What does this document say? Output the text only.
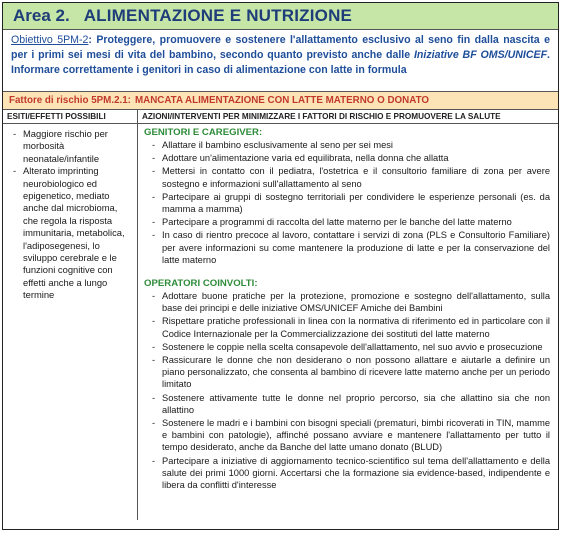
Area 2. ALIMENTAZIONE E NUTRIZIONE
Obiettivo 5PM-2: Proteggere, promuovere e sostenere l'allattamento esclusivo al seno fin dalla nascita e per i primi sei mesi di vita del bambino, secondo quanto previsto anche dalle Iniziative BF OMS/UNICEF. Informare correttamente i genitori in caso di alimentazione con latte in formula
Fattore di rischio 5PM.2.1: MANCATA ALIMENTAZIONE CON LATTE MATERNO O DONATO
ESITI/EFFETTI POSSIBILI
- Maggiore rischio per morbosità neonatale/infantile
- Alterato imprinting neurobiologico ed epigenetico, mediato anche dal microbioma, che regola la risposta immunitaria, metabolica, l'adiposegenesi, lo sviluppo cerebrale e le funzioni cognitive con effetti anche a lungo termine
AZIONI/INTERVENTI PER MINIMIZZARE I FATTORI DI RISCHIO E PROMUOVERE LA SALUTE
GENITORI E CAREGIVER:
- Allattare il bambino esclusivamente al seno per sei mesi
- Adottare un'alimentazione varia ed equilibrata, nella donna che allatta
- Mettersi in contatto con il pediatra, l'ostetrica e il consultorio familiare di zona per avere sostegno e informazioni sull'allattamento al seno
- Partecipare ai gruppi di sostegno territoriali per condividere le esperienze personali (es. da mamma a mamma)
- Partecipare a programmi di raccolta del latte materno per le banche del latte materno
- In caso di rientro precoce al lavoro, contattare i servizi di zona (PLS e Consultorio Familiare) per avere informazioni su come mantenere la produzione di latte e per la conservazione del latte materno
OPERATORI COINVOLTI:
- Adottare buone pratiche per la protezione, promozione e sostegno dell'allattamento, sulla base dei principi e delle iniziative OMS/UNICEF Amiche dei Bambini
- Rispettare pratiche professionali in linea con la normativa di riferimento ed in particolare con il Codice Internazionale per la Commercializzazione dei sostituti del latte materno
- Sostenere le coppie nella scelta consapevole dell'allattamento, nel suo avvio e prosecuzione
- Rassicurare le donne che non desiderano o non possono allattare e aiutarle a definire un piano personalizzato, che consenta al bambino di ricevere latte materno anche per un periodo limitato
- Sostenere attivamente tutte le donne nel proprio percorso, sia che allattino sia che non allattino
- Sostenere le madri e i bambini con bisogni speciali (prematuri, bimbi ricoverati in TIN, mamme e bambini con patologie), affinché possano avviare e mantenere l'allattamento per tutto il tempo desiderato, anche da Banche del latte umano donato (BLUD)
- Partecipare a iniziative di aggiornamento tecnico-scientifico sul tema dell'allattamento e della salute dei primi 1000 giorni. Accertarsi che la formazione sia evidence-based, indipendente e libera da conflitti d'interesse
